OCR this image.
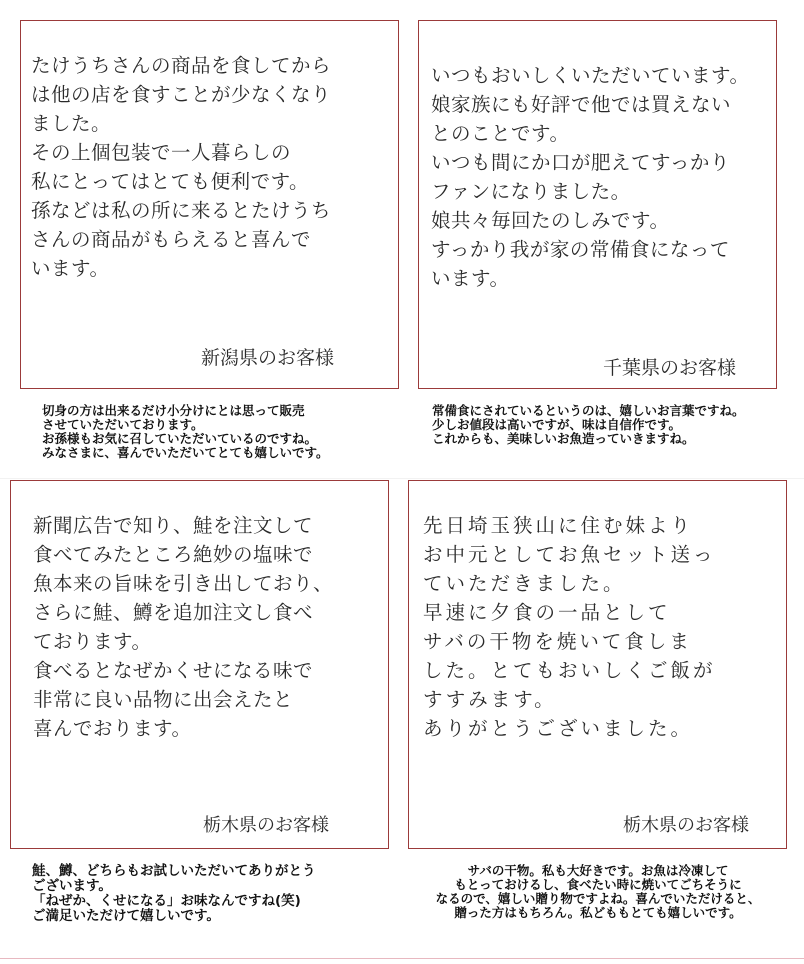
たけうちさんの商品を食してから
は他の店を食すことが少なくなり
ました。
その上個包装で一人暮らしの
私にとってはとても便利です。
孫などは私の所に来るとたけうち
さんの商品がもらえると喜んで
います。
新潟県のお客様
いつもおいしくいただいています。
娘家族にも好評で他では買えない
とのことです。
いつも間にか口が肥えてすっかり
ファンになりました。
娘共々毎回たのしみです。
すっかり我が家の常備食になって
います。
千葉県のお客様
切身の方は出来るだけ小分けにとは思って販売
させていただいております。
お孫様もお気に召していただいているのですね。
みなさまに、喜んでいただいてとても嬉しいです。
常備食にされているというのは、嬉しいお言葉ですね。
少しお値段は高いですが、味は自信作です。
これからも、美味しいお魚造っていきますね。
新聞広告で知り、鮭を注文して
食べてみたところ絶妙の塩味で
魚本来の旨味を引き出しており、
さらに鮭、鱒を追加注文し食べ
ております。
食べるとなぜかくせになる味で
非常に良い品物に出会えたと
喜んでおります。
栃木県のお客様
先日埼玉狭山に住む妹より
お中元としてお魚セット送っ
ていただきました。
早速に夕食の一品として
サバの干物を焼いて食しま
した。とてもおいしくご飯が
すすみます。
ありがとうございました。
栃木県のお客様
鮭、鱒、どちらもお試しいただいてありがとう
ございます。
「ねぜか、くせになる」お味なんですね(笑)
ご満足いただけて嬉しいです。
サバの干物。私も大好きです。お魚は冷凍して
もとっておけるし、食べたい時に焼いてごちそうに
なるので、嬉しい贈り物ですよね。喜んでいただけると、
贈った方はもちろん。私どももとても嬉しいです。
